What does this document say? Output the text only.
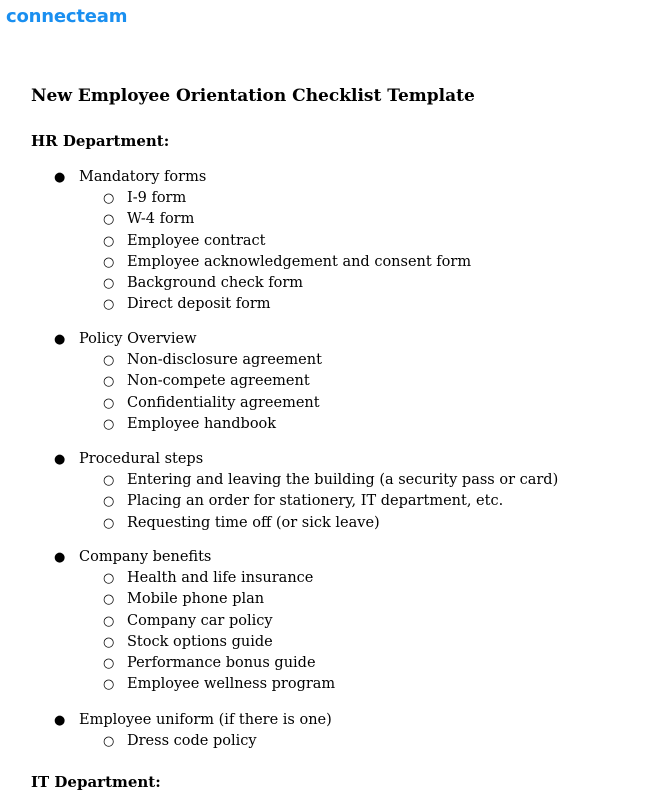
connecteam
New Employee Orientation Checklist Template
HR Department:
● Mandatory forms
○ I-9 form
○ W-4 form
○ Employee contract
○ Employee acknowledgement and consent form
○ Background check form
○ Direct deposit form
● Policy Overview
○ Non-disclosure agreement
○ Non-compete agreement
○ Confidentiality agreement
○ Employee handbook
● Procedural steps
○ Entering and leaving the building (a security pass or card)
○ Placing an order for stationery, IT department, etc.
○ Requesting time off (or sick leave)
● Company benefits
○ Health and life insurance
○ Mobile phone plan
○ Company car policy
○ Stock options guide
○ Performance bonus guide
○ Employee wellness program
● Employee uniform (if there is one)
○ Dress code policy
IT Department:
